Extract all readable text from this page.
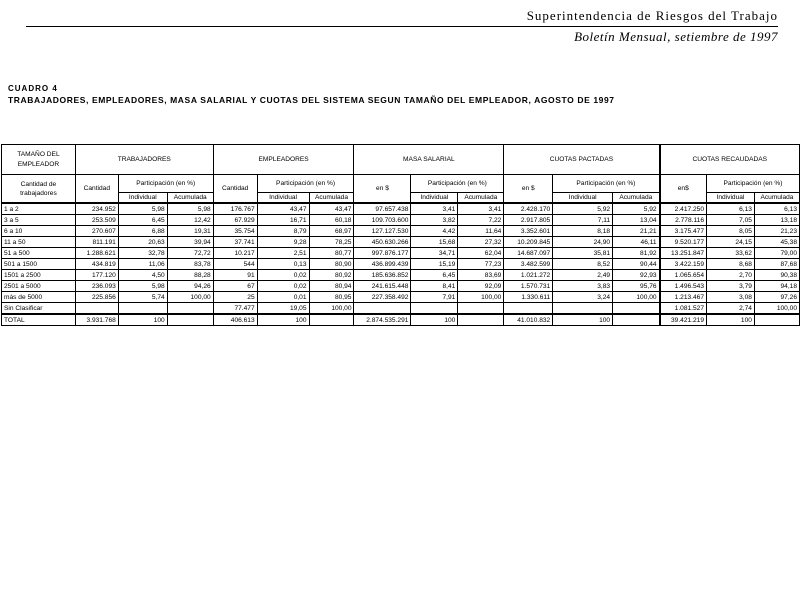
Superintendencia de Riesgos del Trabajo
Boletín Mensual, setiembre de 1997
CUADRO 4
TRABAJADORES, EMPLEADORES, MASA SALARIAL Y CUOTAS DEL SISTEMA SEGUN TAMAÑO DEL EMPLEADOR, AGOSTO DE 1997
TAMAÑO DEL EMPLEADOR	TRABAJADORES			EMPLEADORES			MASA SALARIAL			CUOTAS PACTADAS			CUOTAS RECAUDADAS		
Cantidad de trabajadores	Cantidad	Participación (en %)		Cantidad	Participación (en %)		en $	Participación (en %)		en $	Participación (en %)		en$	Participación (en %)	
		Individual	Acumulada		Individual	Acumulada		Individual	Acumulada		Individual	Acumulada		Individual	Acumulada
1 a 2	234.952	5,98	5,98	176.767	43,47	43,47	97.657.438	3,41	3,41	2.428.170	5,92	5,92	2.417.250	6,13	6,13
3 a 5	253.509	6,45	12,42	67.929	16,71	60,18	109.703.600	3,82	7,22	2.917.805	7,11	13,04	2.778.116	7,05	13,18
6 a 10	270.607	6,88	19,31	35.754	8,79	68,97	127.127.530	4,42	11,64	3.352.601	8,18	21,21	3.175.477	8,05	21,23
11 a 50	811.191	20,63	39,94	37.741	9,28	78,25	450.630.266	15,68	27,32	10.209.845	24,90	46,11	9.520.177	24,15	45,38
51 a 500	1.288.621	32,78	72,72	10.217	2,51	80,77	997.876.177	34,71	62,04	14.687.097	35,81	81,92	13.251.847	33,62	79,00
501 a 1500	434.819	11,06	83,78	544	0,13	80,90	436.899.439	15,19	77,23	3.482.599	8,52	90,44	3.422.159	8,68	87,68
1501 a 2500	177.120	4,50	88,28	91	0,02	80,92	185.636.852	6,45	83,69	1.021.272	2,49	92,93	1.065.654	2,70	90,38
2501 a 5000	236.093	5,98	94,26	67	0,02	80,94	241.615.448	8,41	92,09	1.570.731	3,83	95,76	1.496.543	3,79	94,18
más de 5000	225.856	5,74	100,00	25	0,01	80,95	227.358.492	7,91	100,00	1.330.611	3,24	100,00	1.213.467	3,08	97,26
Sin Clasificar				77.477	19,05	100,00							1.081.527	2,74	100,00
TOTAL	3.931.768	100		406.613	100		2.874.535.291	100		41.010.832	100		39.421.219	100	
